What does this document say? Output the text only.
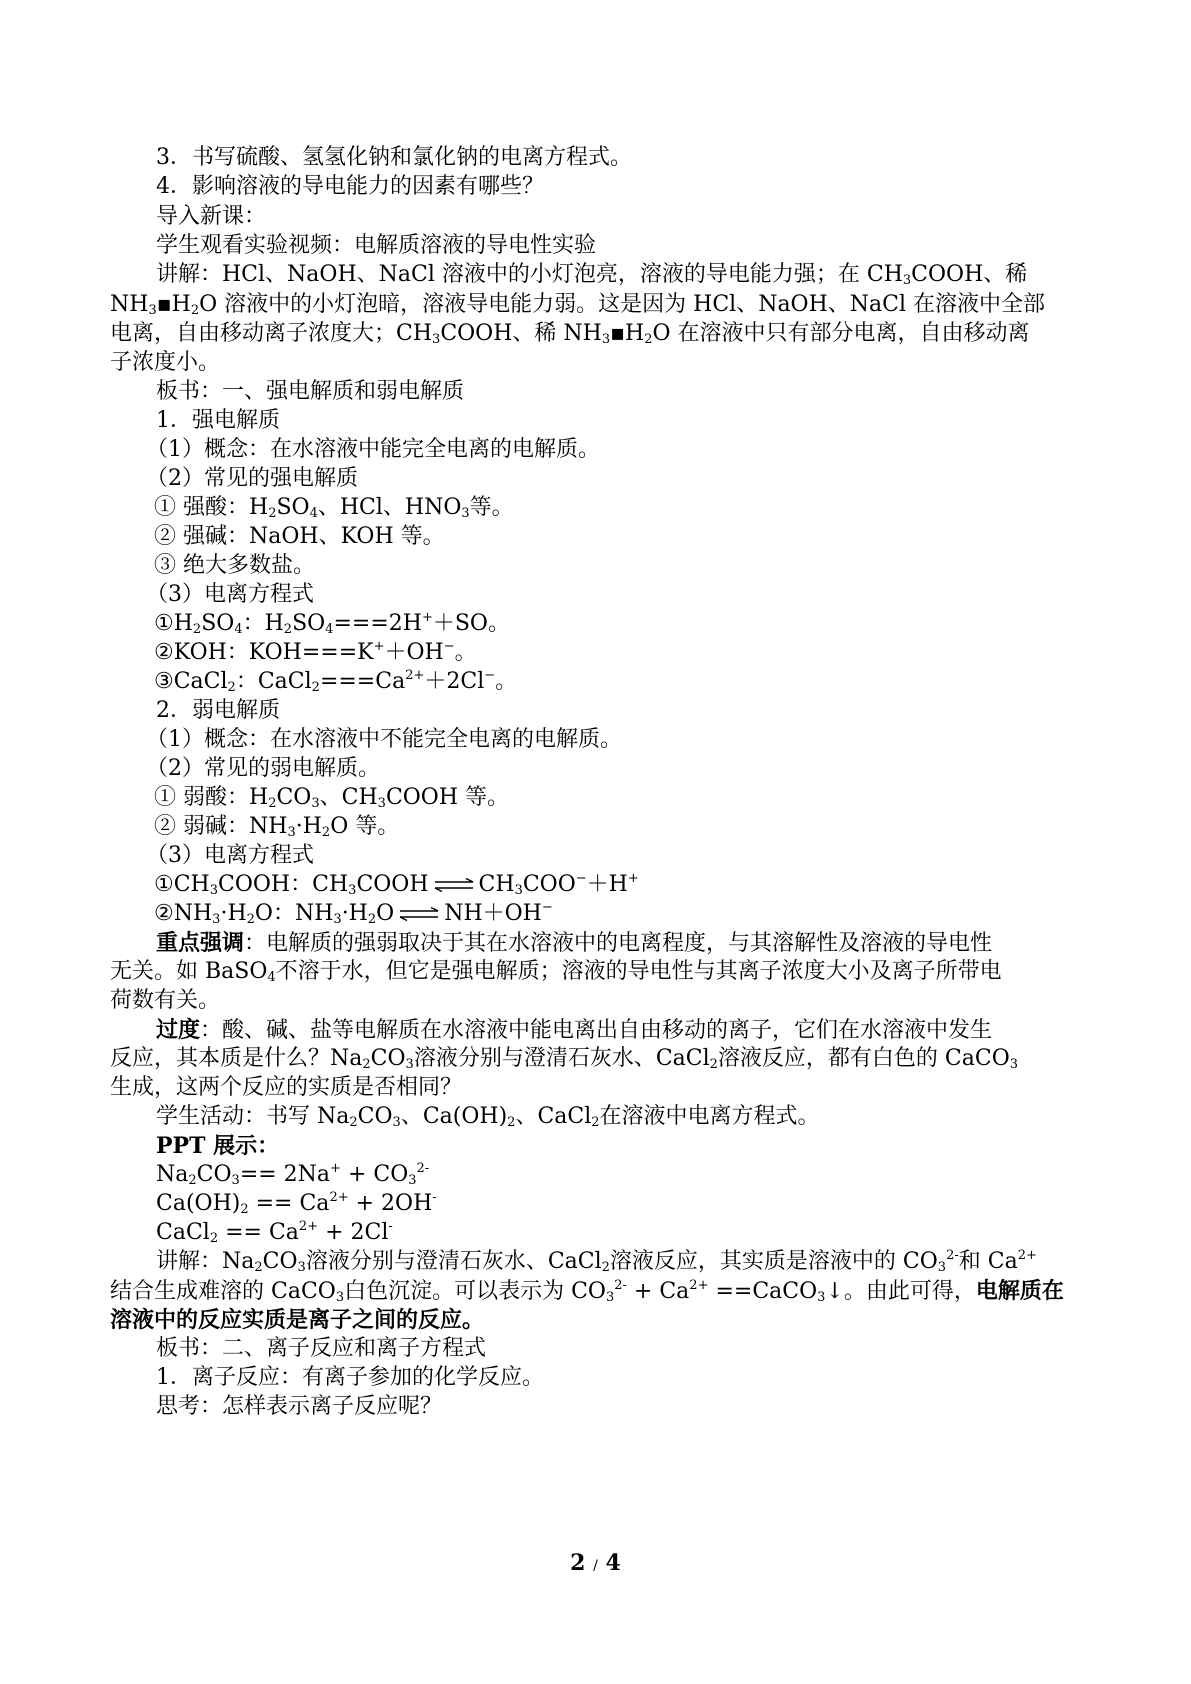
3．书写硫酸、氢氢化钠和氯化钠的电离方程式。
4．影响溶液的导电能力的因素有哪些？
导入新课：
学生观看实验视频：电解质溶液的导电性实验
讲解：HCl、NaOH、NaCl 溶液中的小灯泡亮，溶液的导电能力强；在 $CH_3COOH$、稀
$NH_3▪H_2O$ 溶液中的小灯泡暗，溶液导电能力弱。这是因为 HCl、NaOH、NaCl 在溶液中全部
电离，自由移动离子浓度大；$CH_3COOH$、稀 $NH_3▪H_2O$ 在溶液中只有部分电离，自由移动离
子浓度小。
板书：一、强电解质和弱电解质
1．强电解质
（1）概念：在水溶液中能完全电离的电解质。
（2）常见的强电解质
① 强酸：$H_2SO_4$、HCl、$HNO_3$等。
② 强碱：NaOH、KOH 等。
③ 绝大多数盐。
（3）电离方程式
$①H_2SO_4$：$H_2SO_4===2H^++SO$。
②KOH：KOH===K+＋OH−。
③CaCl$_2$：$CaCl_2===Ca^{2+}+2Cl^-$。
2．弱电解质
（1）概念：在水溶液中不能完全电离的电解质。
（2）常见的弱电解质。
① 弱酸：$H_2CO_3$、$CH_3COOH$ 等。
② 弱碱：$NH_3\cdot H_2O$ 等。
（3）电离方程式
$①CH_3COOH$：$CH_3COOH$ ⇌ $CH_3COO^-+H^+$
$②NH_3\cdot H_2O$：$NH_3\cdot H_2O$ ⇌ NH＋OH−
重点强调：电解质的强弱取决于其在水溶液中的电离程度，与其溶解性及溶液的导电性
无关。如 BaSO$_4$不溶于水，但它是强电解质；溶液的导电性与其离子浓度大小及离子所带电
荷数有关。
过度：酸、碱、盐等电解质在水溶液中能电离出自由移动的离子，它们在水溶液中发生
反应，其本质是什么？$Na_2CO_3$溶液分别与澄清石灰水、CaCl$_2$溶液反应，都有白色的 CaCO$_3$
生成，这两个反应的实质是否相同？
学生活动：书写 $Na_2CO_3$、$Ca(OH)_2$、CaCl$_2$在溶液中电离方程式。
PPT 展示：
$Na_2CO_3== 2Na^+ + CO_3^{2-}$
$Ca(OH)_2 == Ca^{2+} + 2OH^-$
CaCl$_2$ == $Ca^{2+} + 2Cl^-$
讲解：$Na_2CO_3$溶液分别与澄清石灰水、CaCl$_2$溶液反应，其实质是溶液中的 $CO_3^{2-}$和 $Ca^{2+}$
结合生成难溶的 CaCO$_3$白色沉淀。可以表示为 $CO_3^{2-} + Ca^{2+}$ ==CaCO$_3$↓。由此可得，电解质在
溶液中的反应实质是离子之间的反应。
板书：二、离子反应和离子方程式
1．离子反应：有离子参加的化学反应。
思考：怎样表示离子反应呢？
2 / 4
